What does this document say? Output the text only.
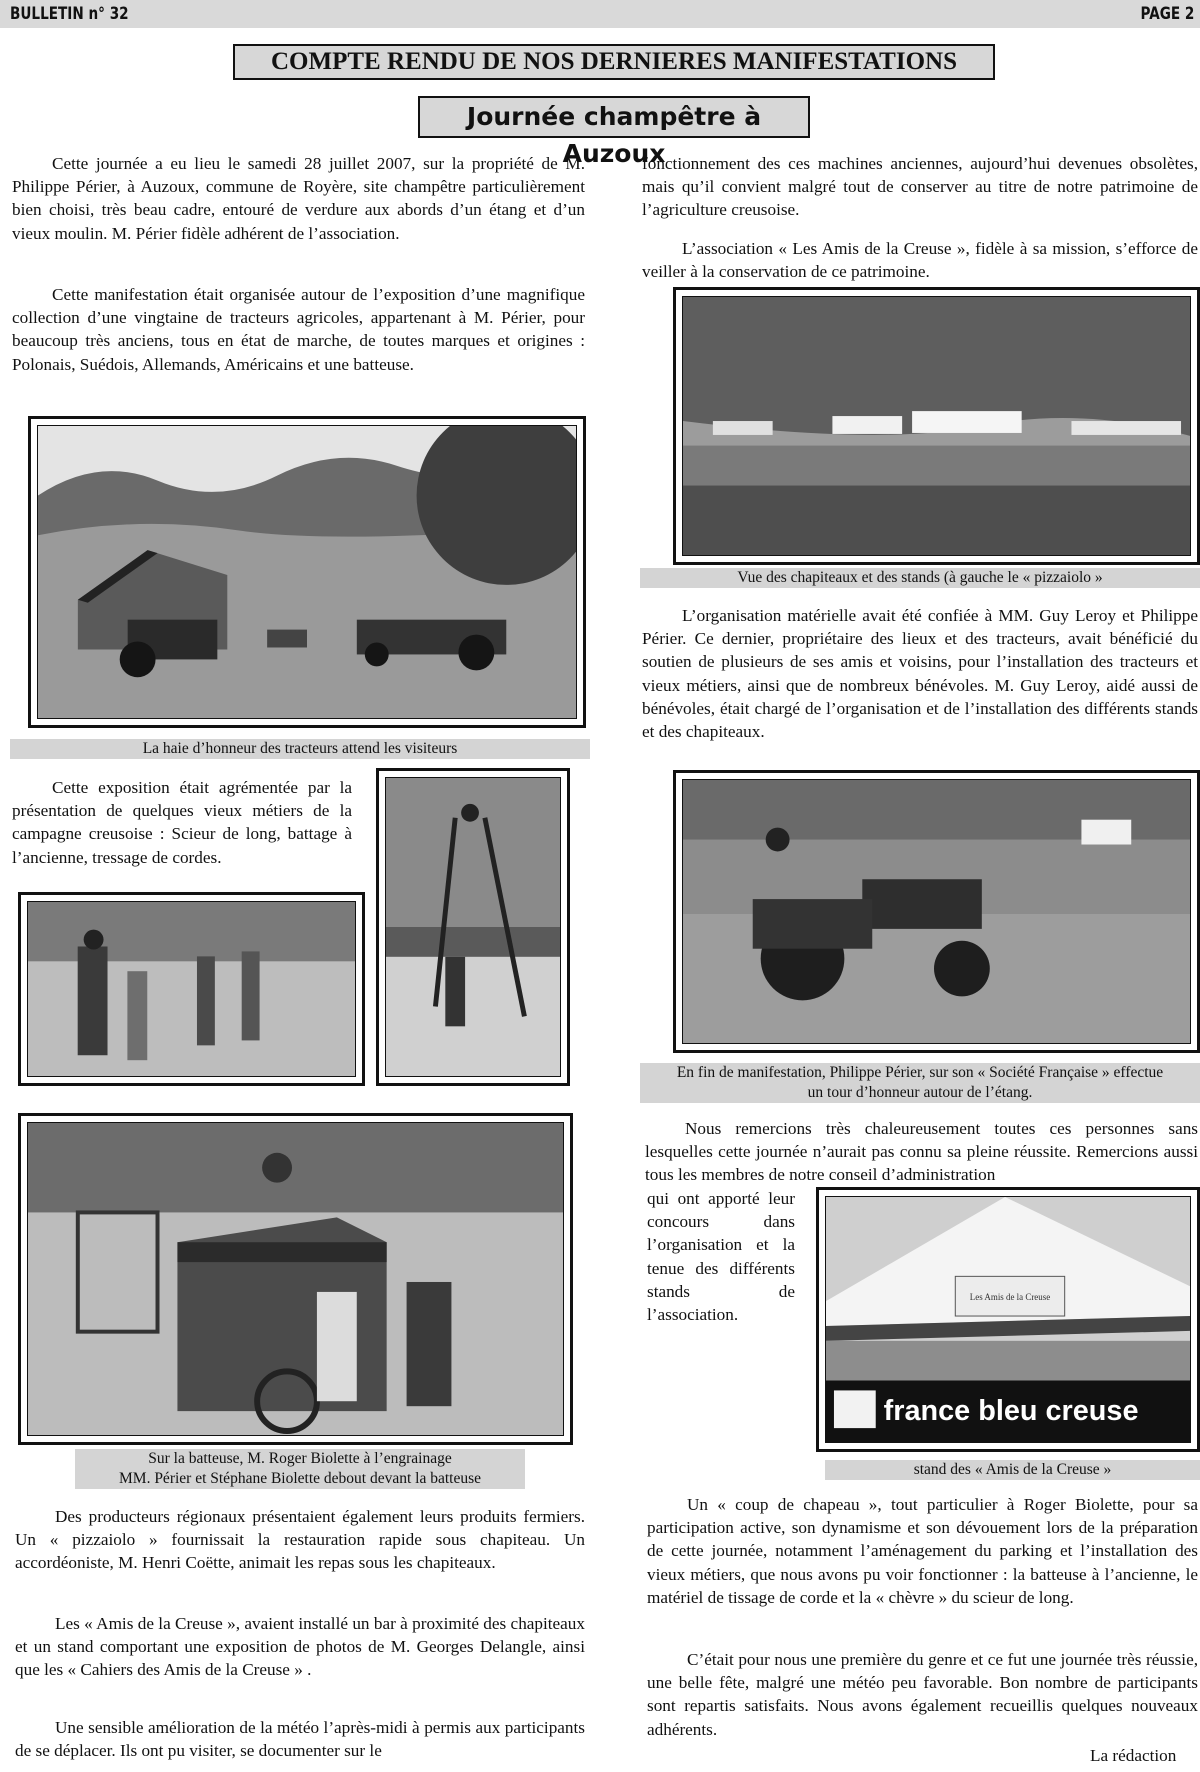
BULLETIN n° 32	PAGE 2
COMPTE RENDU DE NOS DERNIERES MANIFESTATIONS
Journée champêtre à Auzoux

Cette journée a eu lieu le samedi 28 juillet 2007, sur la propriété de M. Philippe Périer, à Auzoux, commune de Royère, site champêtre particulièrement bien choisi, très beau cadre, entouré de verdure aux abords d’un étang et d’un vieux moulin. M. Périer fidèle adhérent de l’association.

Cette manifestation était organisée autour de l’exposition d’une magnifique collection d’une vingtaine de tracteurs agricoles, appartenant à M. Périer, pour beaucoup très anciens, tous en état de marche, de toutes marques et origines : Polonais, Suédois, Allemands, Américains et une batteuse.

La haie d’honneur des tracteurs attend les visiteurs

Cette exposition était agrémentée par la présentation de quelques vieux métiers de la campagne creusoise : Scieur de long, battage à l’ancienne, tressage de cordes.

Sur la batteuse, M. Roger Biolette à l’engrainage
MM. Périer et Stéphane Biolette debout devant la batteuse

Des producteurs régionaux présentaient également leurs produits fermiers. Un « pizzaiolo » fournissait la restauration rapide sous chapiteau. Un accordéoniste, M. Henri Coëtte, animait les repas sous les chapiteaux.

Les « Amis de la Creuse », avaient installé un bar à proximité des chapiteaux et un stand comportant une exposition de photos de M. Georges Delangle, ainsi que les « Cahiers des Amis de la Creuse » .

Une sensible amélioration de la météo l’après-midi à permis aux participants de se déplacer. Ils ont pu visiter, se documenter sur le

fonctionnement des ces machines anciennes, aujourd’hui devenues obsolètes, mais qu’il convient malgré tout de conserver au titre de notre patrimoine de l’agriculture creusoise.

L’association « Les Amis de la Creuse », fidèle à sa mission, s’efforce de veiller à la conservation de ce patrimoine.

Vue des chapiteaux et des stands (à gauche le « pizzaiolo »

L’organisation matérielle avait été confiée à MM. Guy Leroy et Philippe Périer. Ce dernier, propriétaire des lieux et des tracteurs, avait bénéficié du soutien de plusieurs de ses amis et voisins, pour l’installation des tracteurs et vieux métiers, ainsi que de nombreux bénévoles. M. Guy Leroy, aidé aussi de bénévoles, était chargé de l’organisation et de l’installation des différents stands et des chapiteaux.

En fin de manifestation, Philippe Périer, sur son « Société Française » effectue
un tour d’honneur autour de l’étang.

Nous remercions très chaleureusement toutes ces personnes sans lesquelles cette journée n’aurait pas connu sa pleine réussite. Remercions aussi tous les membres de notre conseil d’administration

qui ont apporté leur concours dans l’organisation et la tenue des différents stands de l’association.

Les Amis de la Creuse
france bleu creuse
stand des « Amis de la Creuse »

Un « coup de chapeau », tout particulier à Roger Biolette, pour sa participation active, son dynamisme et son dévouement lors de la préparation de cette journée, notamment l’aménagement du parking et l’installation des vieux métiers, que nous avons pu voir fonctionner : la batteuse à l’ancienne, le matériel de tissage de corde et la « chèvre » du scieur de long.

C’était pour nous une première du genre et ce fut une journée très réussie, une belle fête, malgré une météo peu favorable. Bon nombre de participants sont repartis satisfaits. Nous avons également recueillis quelques nouveaux adhérents.

La rédaction
